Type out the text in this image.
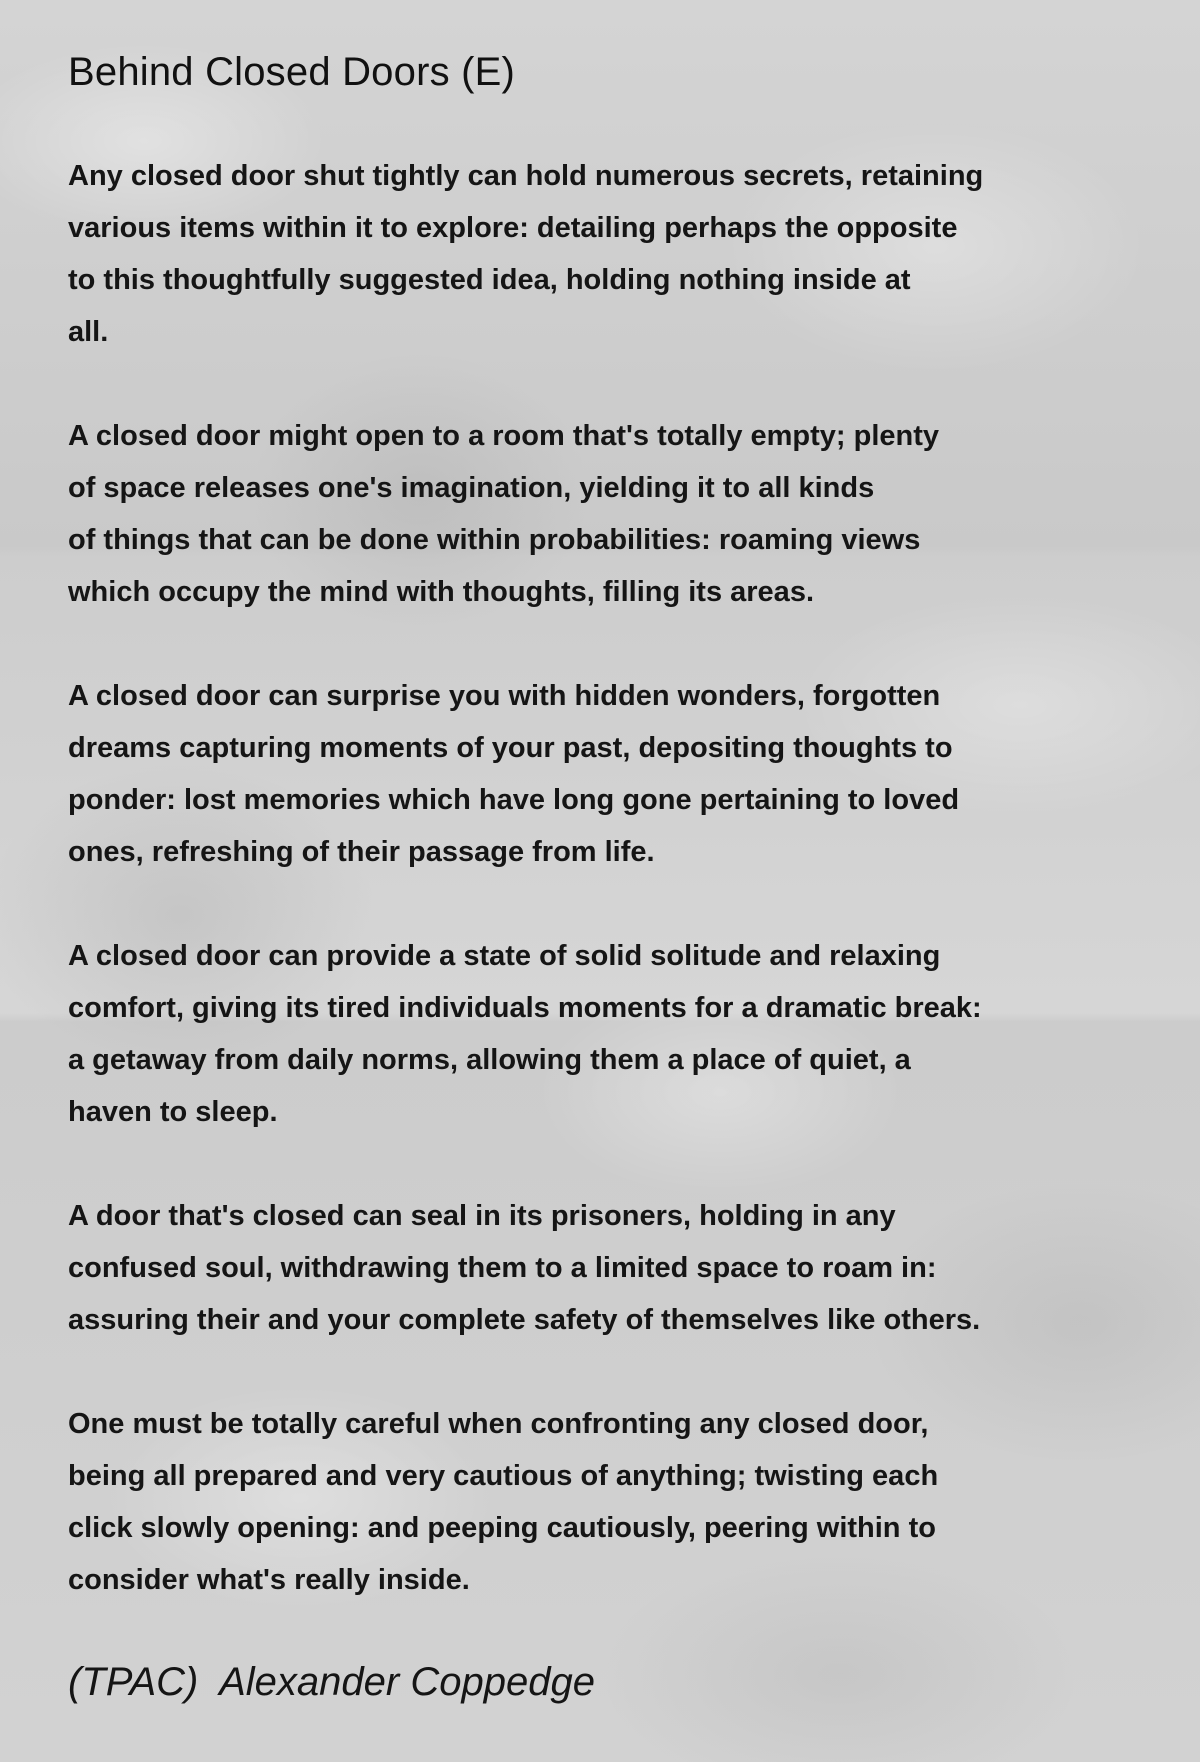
Behind Closed Doors (E)

Any closed door shut tightly can hold numerous secrets, retaining
various items within it to explore: detailing perhaps the opposite
to this thoughtfully suggested idea, holding nothing inside at
all.

A closed door might open to a room that's totally empty; plenty
of space releases one's imagination, yielding it to all kinds
of things that can be done within probabilities: roaming views
which occupy the mind with thoughts, filling its areas.

A closed door can surprise you with hidden wonders, forgotten
dreams capturing moments of your past, depositing thoughts to
ponder: lost memories which have long gone pertaining to loved
ones, refreshing of their passage from life.

A closed door can provide a state of solid solitude and relaxing
comfort, giving its tired individuals moments for a dramatic break:
a getaway from daily norms, allowing them a place of quiet, a
haven to sleep.

A door that's closed can seal in its prisoners, holding in any
confused soul, withdrawing them to a limited space to roam in:
assuring their and your complete safety of themselves like others.

One must be totally careful when confronting any closed door,
being all prepared and very cautious of anything; twisting each
click slowly opening: and peeping cautiously, peering within to
consider what's really inside.

(TPAC)  Alexander Coppedge
